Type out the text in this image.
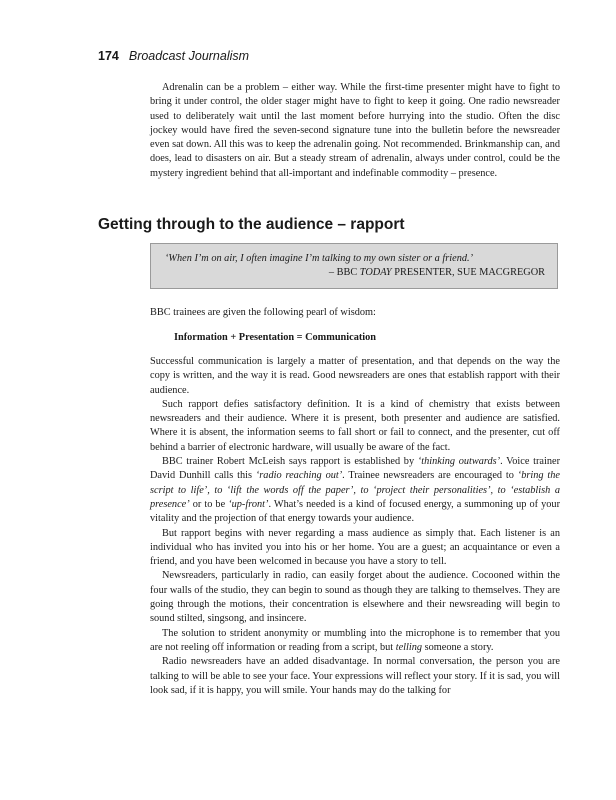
174 Broadcast Journalism

Adrenalin can be a problem – either way. While the first-time presenter might have to fight to bring it under control, the older stager might have to fight to keep it going. One radio newsreader used to deliberately wait until the last moment before hurrying into the studio. Often the disc jockey would have fired the seven-second signature tune into the bulletin before the newsreader even sat down. All this was to keep the adrenalin going. Not recommended. Brinkmanship can, and does, lead to disasters on air. But a steady stream of adrenalin, always under control, could be the mystery ingredient behind that all-important and indefinable commodity – presence.

Getting through to the audience – rapport
‘When I’m on air, I often imagine I’m talking to my own sister or a friend.’
– BBC TODAY PRESENTER, SUE MACGREGOR
BBC trainees are given the following pearl of wisdom:
Information + Presentation = Communication

Successful communication is largely a matter of presentation, and that depends on the way the copy is written, and the way it is read. Good newsreaders are ones that establish rapport with their audience.

Such rapport defies satisfactory definition. It is a kind of chemistry that exists between newsreaders and their audience. Where it is present, both presenter and audience are satisfied. Where it is absent, the information seems to fall short or fail to connect, and the presenter, cut off behind a barrier of electronic hardware, will usually be aware of the fact.

BBC trainer Robert McLeish says rapport is established by ‘thinking outwards’. Voice trainer David Dunhill calls this ‘radio reaching out’. Trainee newsreaders are encouraged to ‘bring the script to life’, to ‘lift the words off the paper’, to ‘project their personalities’, to ‘establish a presence’ or to be ‘up-front’. What’s needed is a kind of focused energy, a summoning up of your vitality and the projection of that energy towards your audience.

But rapport begins with never regarding a mass audience as simply that. Each listener is an individual who has invited you into his or her home. You are a guest; an acquaintance or even a friend, and you have been welcomed in because you have a story to tell.

Newsreaders, particularly in radio, can easily forget about the audience. Cocooned within the four walls of the studio, they can begin to sound as though they are talking to themselves. They are going through the motions, their concentration is elsewhere and their newsreading will begin to sound stilted, singsong, and insincere.

The solution to strident anonymity or mumbling into the microphone is to remember that you are not reeling off information or reading from a script, but telling someone a story.

Radio newsreaders have an added disadvantage. In normal conversation, the person you are talking to will be able to see your face. Your expressions will reflect your story. If it is sad, you will look sad, if it is happy, you will smile. Your hands may do the talking for
